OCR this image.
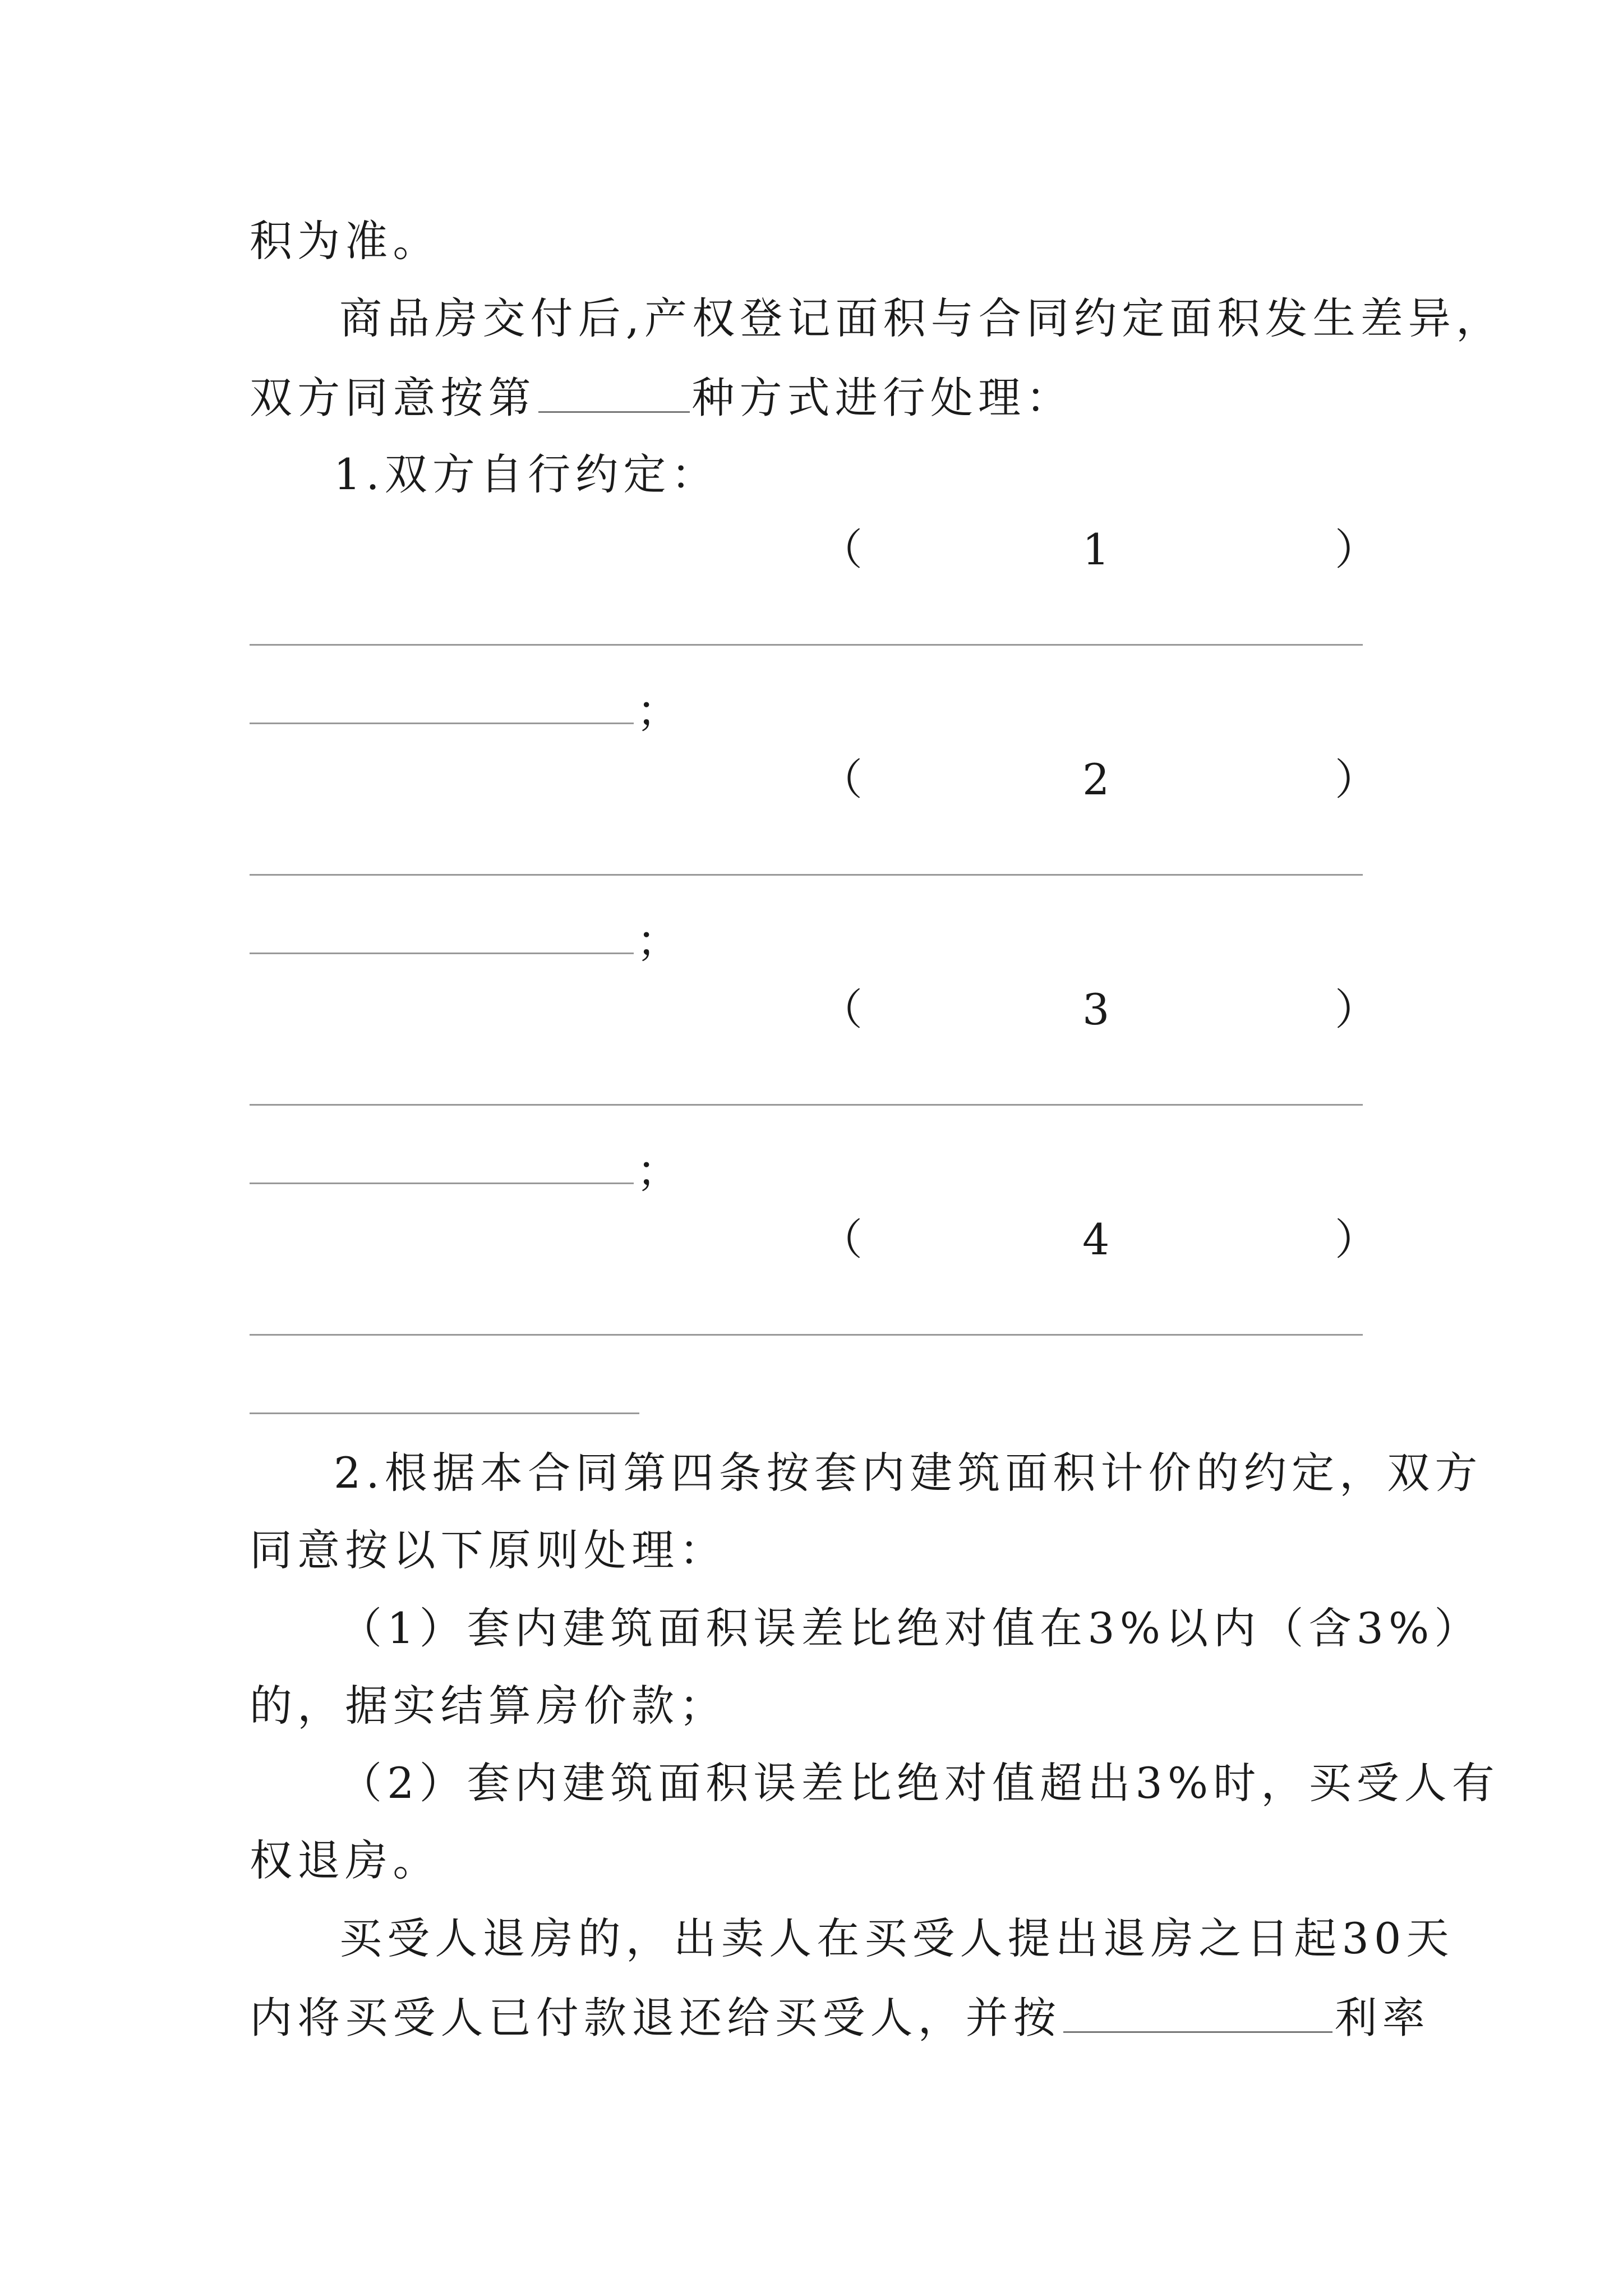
积为准。
商品房交付后,产权登记面积与合同约定面积发生差异，
双方同意按第	种方式进行处理：
1.双方自行约定：
（	1	）
；
（	2	）
；
（	3	）
；
（	4	）
2.根据本合同第四条按套内建筑面积计价的约定，双方
同意按以下原则处理：
（1）套内建筑面积误差比绝对值在3%以内（含3%）
的，据实结算房价款；
（2）套内建筑面积误差比绝对值超出3%时，买受人有
权退房。
买受人退房的，出卖人在买受人提出退房之日起30天
内将买受人已付款退还给买受人，并按	利率
